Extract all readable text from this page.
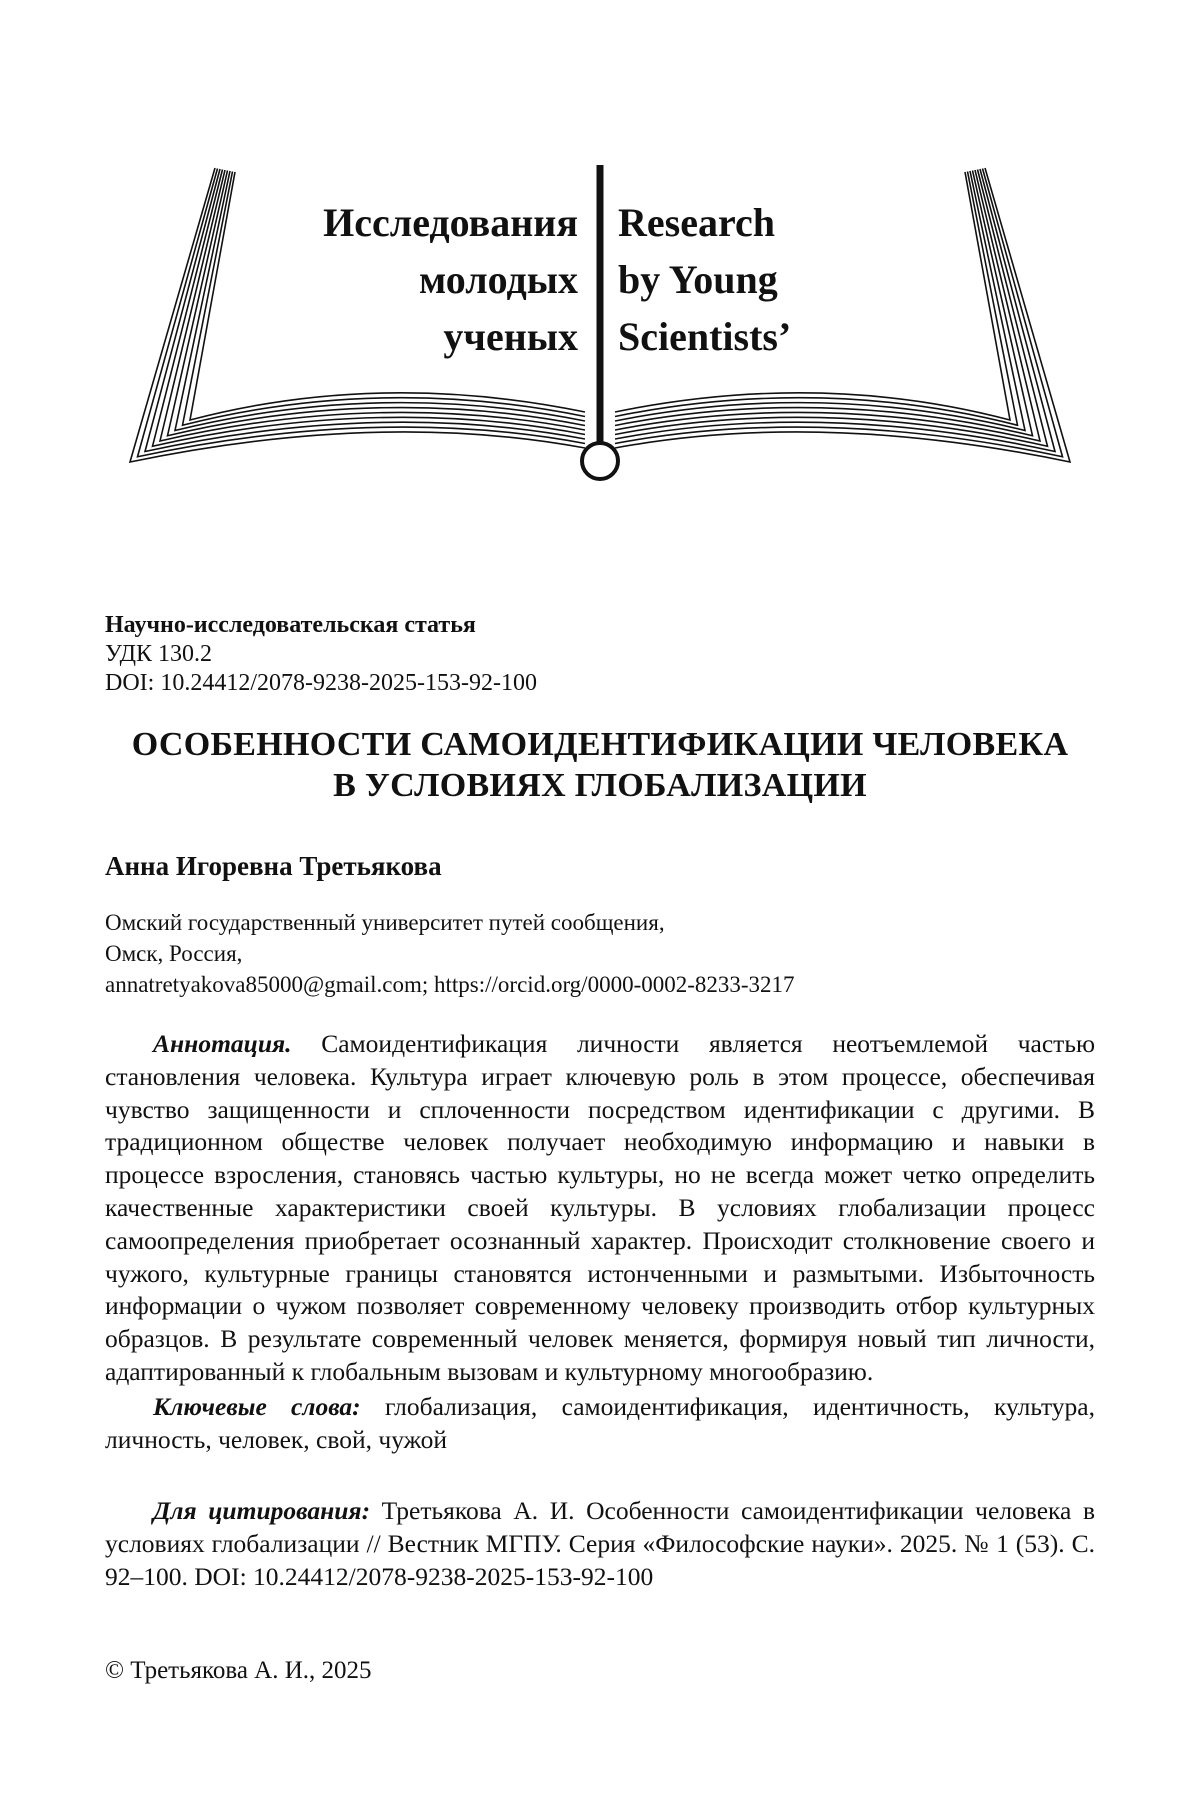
Исследования
молодых
ученых
Research
by Young
Scientists’
Научно-исследовательская статья
УДК 130.2
DOI: 10.24412/2078-9238-2025-153-92-100
ОСОБЕННОСТИ САМОИДЕНТИФИКАЦИИ ЧЕЛОВЕКА
В УСЛОВИЯХ ГЛОБАЛИЗАЦИИ
Анна Игоревна Третьякова
Омский государственный университет путей сообщения,
Омск, Россия,
annatretyakova85000@gmail.com; https://orcid.org/0000-0002-8233-3217
Аннотация. Самоидентификация личности является неотъемлемой частью становления человека. Культура играет ключевую роль в этом процессе, обеспечивая чувство защищенности и сплоченности посредством идентификации с другими. В традиционном обществе человек получает необходимую информацию и навыки в процессе взросления, становясь частью культуры, но не всегда может четко определить качественные характеристики своей культуры. В условиях глобализации процесс самоопределения приобретает осознанный характер. Происходит столкновение своего и чужого, культурные границы становятся истонченными и размытыми. Избыточность информации о чужом позволяет современному человеку производить отбор культурных образцов. В результате современный человек меняется, формируя новый тип личности, адаптированный к глобальным вызовам и культурному многообразию.
Ключевые слова: глобализация, самоидентификация, идентичность, культура, личность, человек, свой, чужой
Для цитирования: Третьякова А. И. Особенности самоидентификации человека в условиях глобализации // Вестник МГПУ. Серия «Философские науки». 2025. № 1 (53). С. 92–100. DOI: 10.24412/2078-9238-2025-153-92-100
© Третьякова А. И., 2025
